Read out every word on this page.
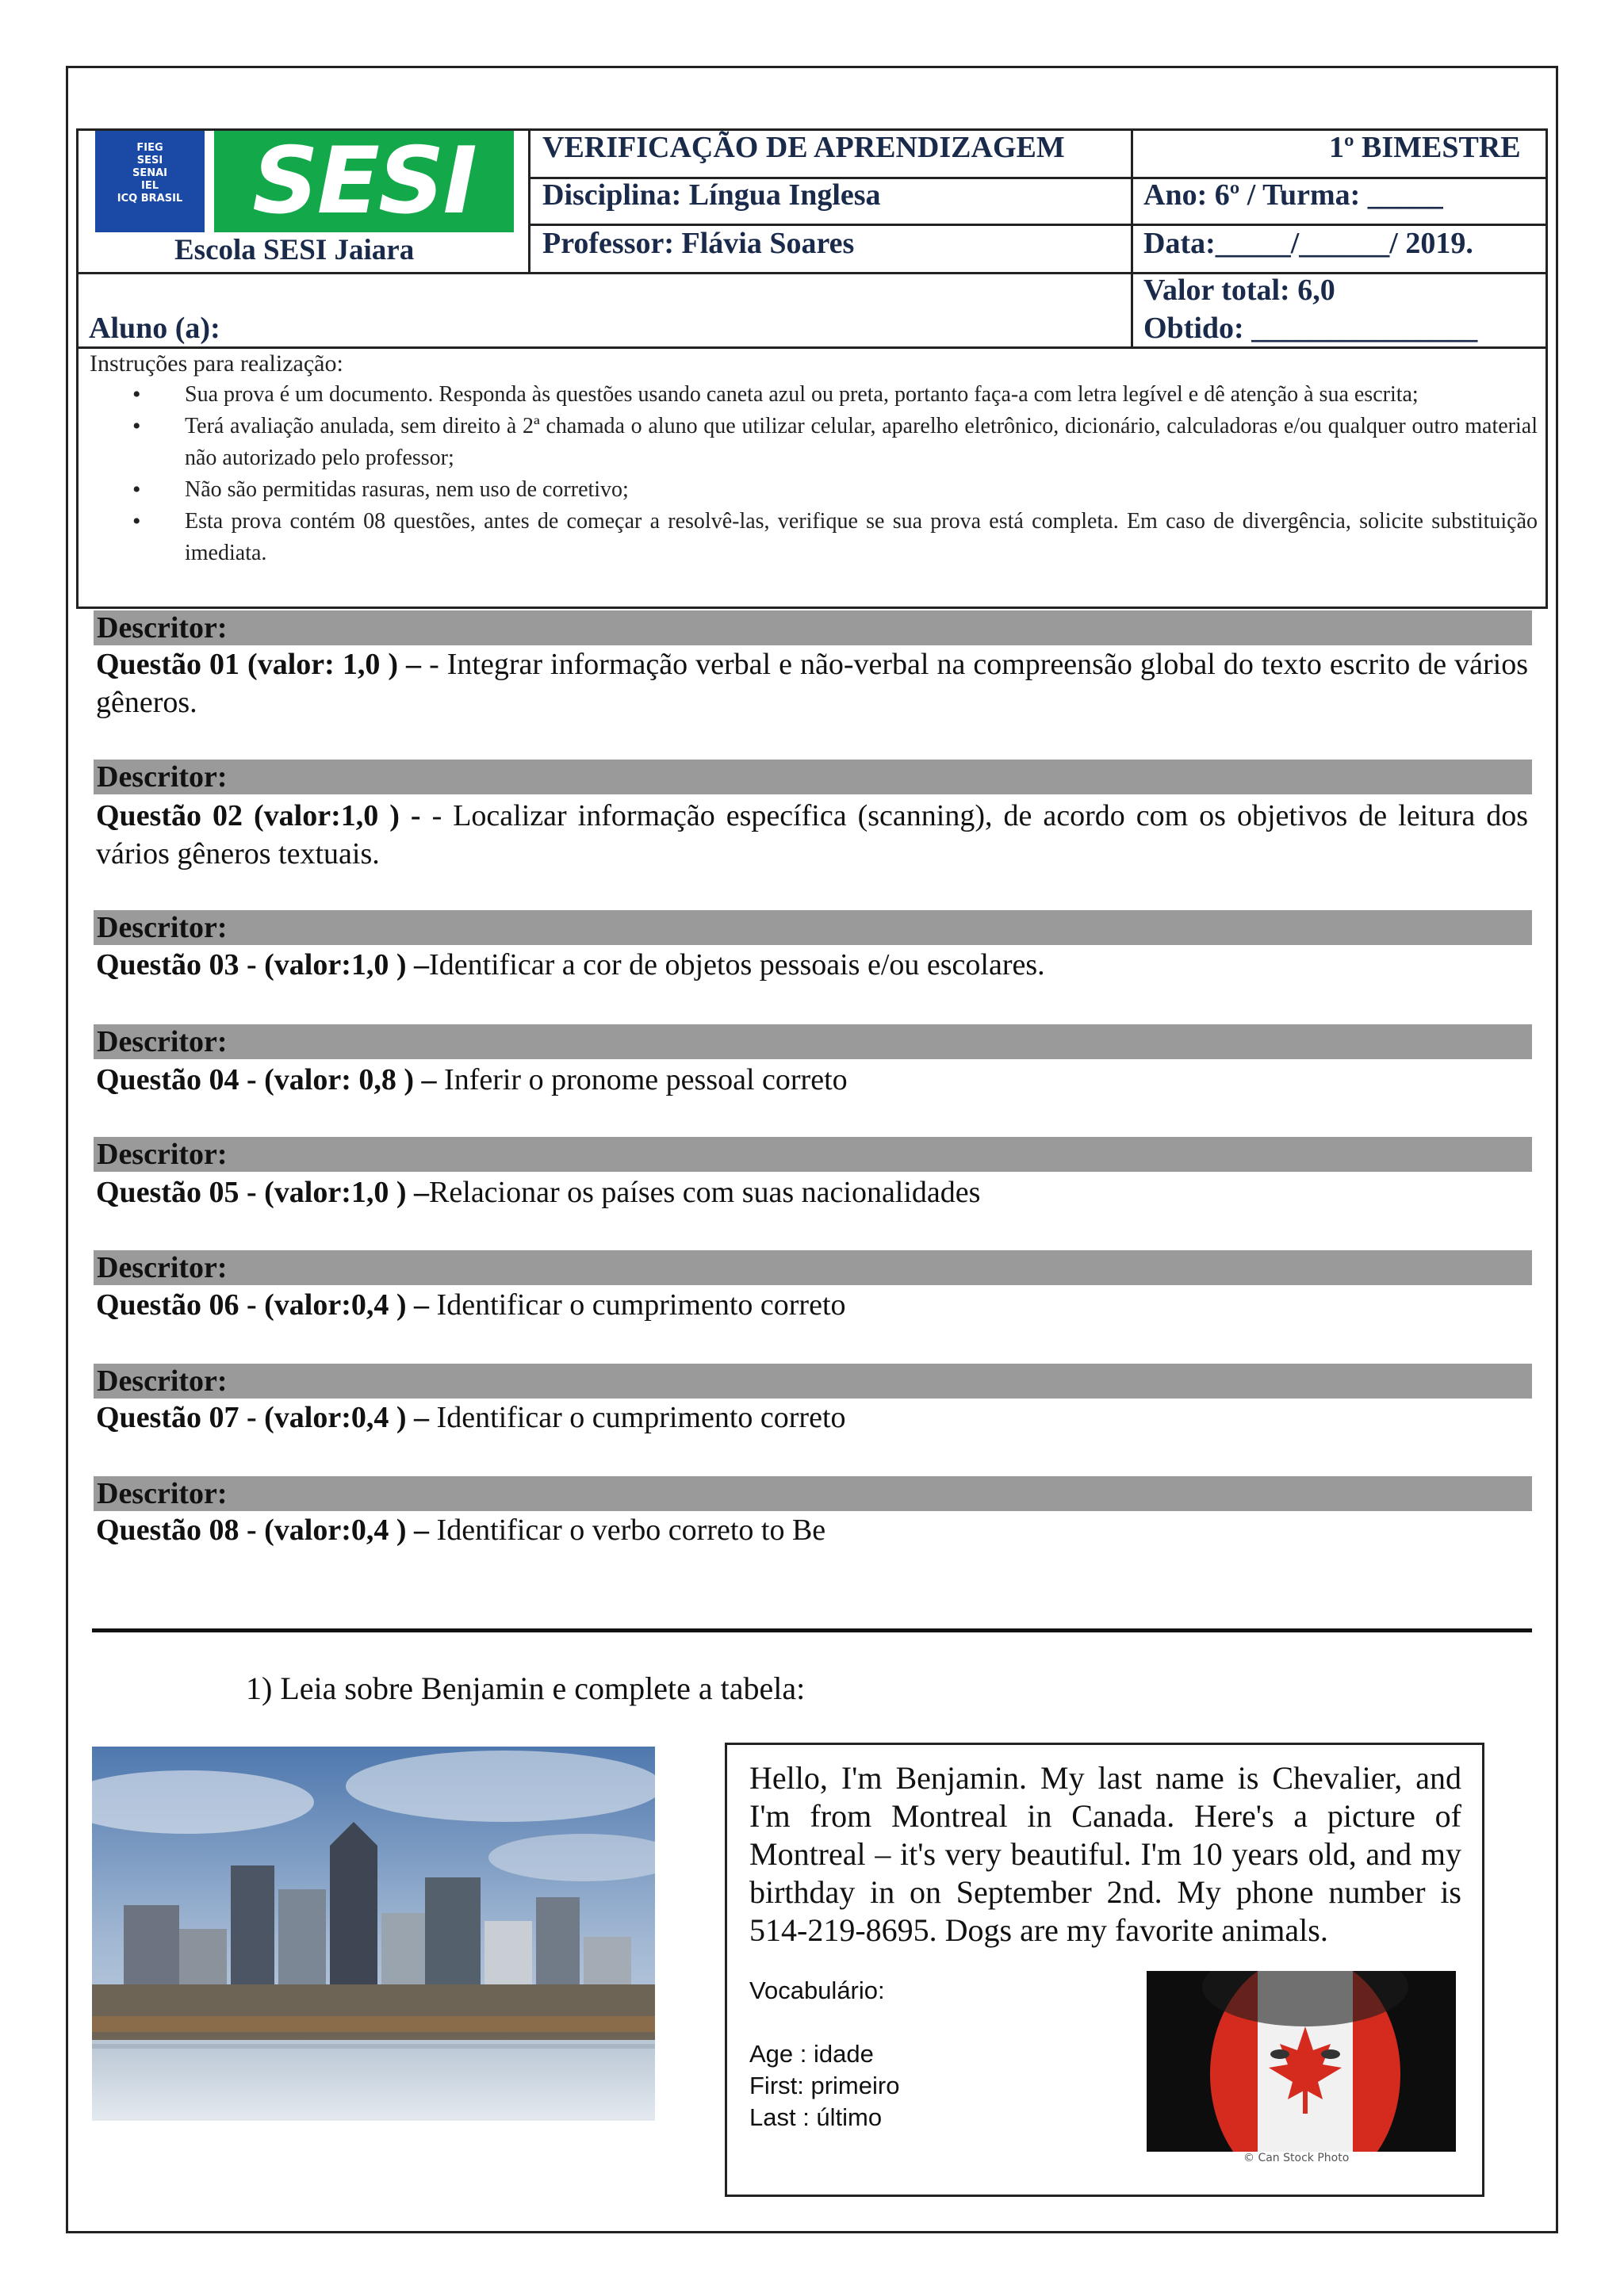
FIEG
SESI
SENAI
IEL
ICQ BRASIL SESI
Escola SESI Jaiara
VERIFICAÇÃO DE APRENDIZAGEM	1º BIMESTRE
Disciplina: Língua Inglesa	Ano: 6º / Turma: _____
Professor: Flávia Soares	Data:_____/______/ 2019.
Aluno (a):
Valor total: 6,0
Obtido: _______________
Instruções para realização:
• Sua prova é um documento. Responda às questões usando caneta azul ou preta, portanto faça-a com letra legível e dê atenção à sua escrita;
• Terá avaliação anulada, sem direito à 2ª chamada o aluno que utilizar celular, aparelho eletrônico, dicionário, calculadoras e/ou qualquer outro material não autorizado pelo professor;
• Não são permitidas rasuras, nem uso de corretivo;
• Esta prova contém 08 questões, antes de começar a resolvê-las, verifique se sua prova está completa. Em caso de divergência, solicite substituição imediata.
Descritor:
Questão 01 (valor: 1,0 ) – - Integrar informação verbal e não-verbal na compreensão global do texto escrito de vários gêneros.
Descritor:
Questão 02 (valor:1,0 ) - - Localizar informação específica (scanning), de acordo com os objetivos de leitura dos vários gêneros textuais.
Descritor:
Questão 03 - (valor:1,0 ) –Identificar a cor de objetos pessoais e/ou escolares.
Descritor:
Questão 04 - (valor: 0,8 ) – Inferir o pronome pessoal correto
Descritor:
Questão 05 - (valor:1,0 ) –Relacionar os países com suas nacionalidades
Descritor:
Questão 06 - (valor:0,4 ) – Identificar o cumprimento correto
Descritor:
Questão 07 - (valor:0,4 ) – Identificar o cumprimento correto
Descritor:
Questão 08 - (valor:0,4 ) – Identificar o verbo correto to Be
1) Leia sobre Benjamin e complete a tabela:
Hello, I'm Benjamin. My last name is Chevalier, and I'm from Montreal in Canada. Here's a picture of Montreal – it's very beautiful. I'm 10 years old, and my birthday in on September 2nd. My phone number is 514-219-8695. Dogs are my favorite animals.
Vocabulário:
Age : idade
First: primeiro
Last : último
© Can Stock Photo
